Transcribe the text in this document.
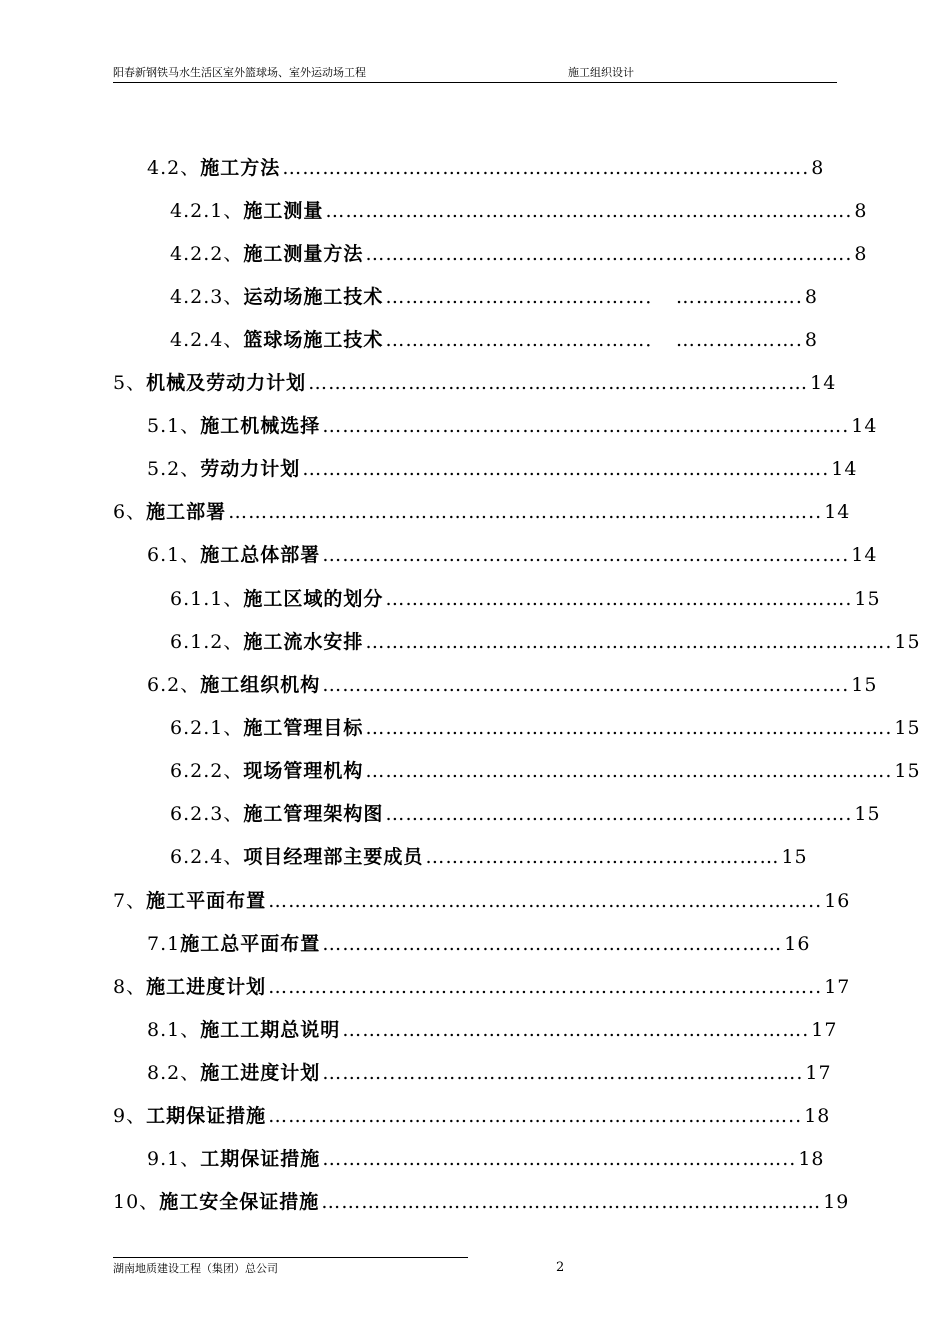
阳春新钢铁马水生活区室外篮球场、室外运动场工程	施工组织设计
4.2、 施工方法 ……………………………………………………………………. 8
4.2.1、 施工测量 ……………………………………………………………………. 8
4.2.2、 施工测量方法 ………………………………………………………………. 8
4.2.3、 运动场施工技术 …………………………………．　………………. 8
4.2.4、 篮球场施工技术 …………………………………．　………………. 8
5、 机械及劳动力计划 ………………………………………………………………… 14
5.1、 施工机械选择 ……………………………………………………………………. 14
5.2、 劳动力计划 ……………………………………………………………………. 14
6、 施工部署 …………………………………………………………………………….. 14
6.1、 施工总体部署 ……………………………………………………………………. 14
6.1.1、 施工区域的划分 ……………………………………………………………. 15
6.1.2、 施工流水安排 ……………………………………………………………………. 15
6.2、 施工组织机构 ……………………………………………………………………. 15
6.2.1、 施工管理目标 ……………………………………………………………………. 15
6.2.2、 现场管理机构 ……………………………………………………………………. 15
6.2.3、 施工管理架构图 ……………………………………………………………. 15
6.2.4、 项目经理部主要成员 …………………………………..………… 15
7、 施工平面布置 ……………………………………………………………………….. 16
7.1 施工总平面布置 …………………………………………………………… 16
8、 施工进度计划 ……………………………………………………………………….. 17
8.1、 施工工期总说明 ……………………………………………………………. 17
8.2、 施工进度计划 ………..……………………………………………………. 17
9、 工期保证措施 …………………………………………………………………….. 18
9.1、 工期保证措施 …………………………………………………………….. 18
10、 施工安全保证措施 ………………………………………………………………… 19
湖南地质建设工程（集团）总公司	2
